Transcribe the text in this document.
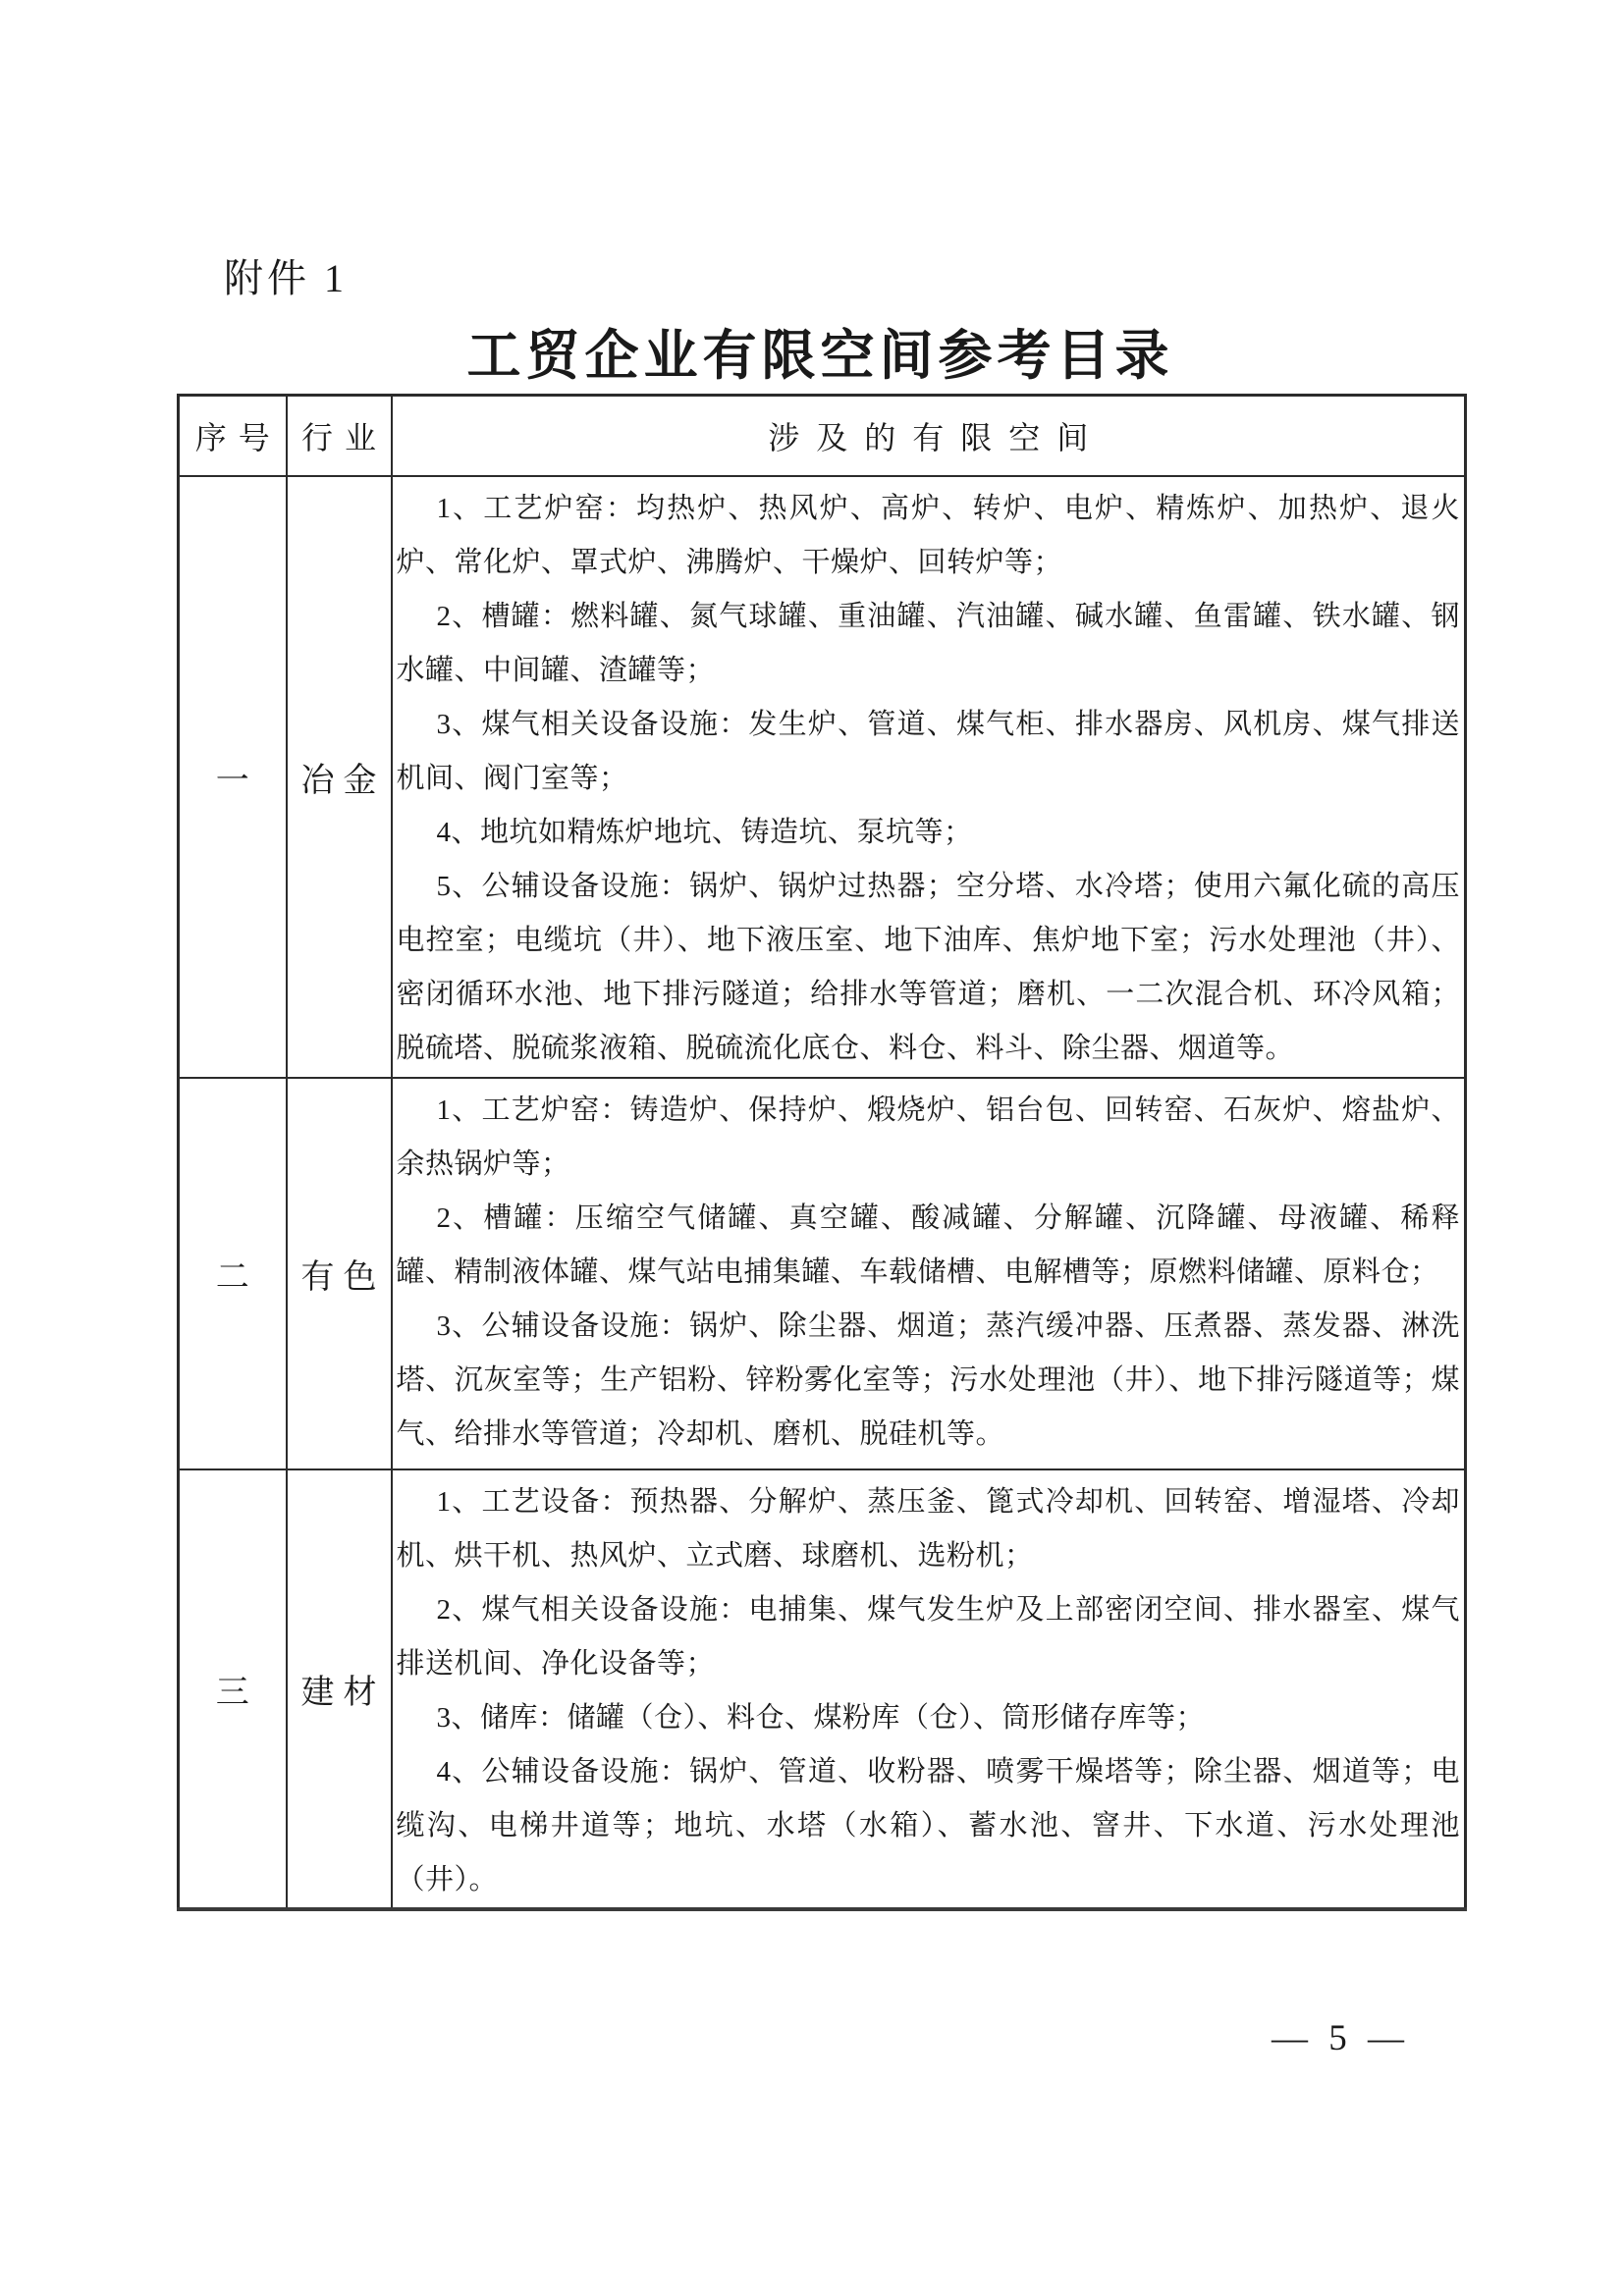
附件 1
工贸企业有限空间参考目录
序号	行业	涉及的有限空间
一	冶金	1、工艺炉窑：均热炉、热风炉、高炉、转炉、电炉、精炼炉、加热炉、退火炉、常化炉、罩式炉、沸腾炉、干燥炉、回转炉等；

2、槽罐：燃料罐、氮气球罐、重油罐、汽油罐、碱水罐、鱼雷罐、铁水罐、钢水罐、中间罐、渣罐等；

3、煤气相关设备设施：发生炉、管道、煤气柜、排水器房、风机房、煤气排送机间、阀门室等；

4、地坑如精炼炉地坑、铸造坑、泵坑等；

5、公辅设备设施：锅炉、锅炉过热器；空分塔、水冷塔；使用六氟化硫的高压电控室；电缆坑（井）、地下液压室、地下油库、焦炉地下室；污水处理池（井）、密闭循环水池、地下排污隧道；给排水等管道；磨机、一二次混合机、环冷风箱；脱硫塔、脱硫浆液箱、脱硫流化底仓、料仓、料斗、除尘器、烟道等。

二	有色	1、工艺炉窑：铸造炉、保持炉、煅烧炉、铝台包、回转窑、石灰炉、熔盐炉、余热锅炉等；

2、槽罐：压缩空气储罐、真空罐、酸减罐、分解罐、沉降罐、母液罐、稀释罐、精制液体罐、煤气站电捕集罐、车载储槽、电解槽等；原燃料储罐、原料仓；

3、公辅设备设施：锅炉、除尘器、烟道；蒸汽缓冲器、压煮器、蒸发器、淋洗塔、沉灰室等；生产铝粉、锌粉雾化室等；污水处理池（井）、地下排污隧道等；煤气、给排水等管道；冷却机、磨机、脱硅机等。

三	建材	1、工艺设备：预热器、分解炉、蒸压釜、篦式冷却机、回转窑、增湿塔、冷却机、烘干机、热风炉、立式磨、球磨机、选粉机；

2、煤气相关设备设施：电捕集、煤气发生炉及上部密闭空间、排水器室、煤气排送机间、净化设备等；

3、储库：储罐（仓）、料仓、煤粉库（仓）、筒形储存库等；

4、公辅设备设施：锅炉、管道、收粉器、喷雾干燥塔等；除尘器、烟道等；电缆沟、电梯井道等；地坑、水塔（水箱）、蓄水池、窨井、下水道、污水处理池（井）。

— 5 —
